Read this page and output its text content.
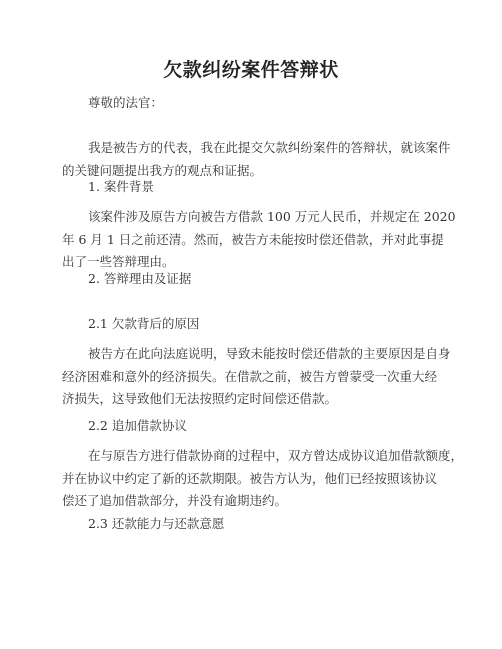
欠款纠纷案件答辩状

尊敬的法官：

我是被告方的代表，我在此提交欠款纠纷案件的答辩状，就该案件
的关键问题提出我方的观点和证据。

1. 案件背景

该案件涉及原告方向被告方借款 100 万元人民币，并规定在 2020
年 6 月 1 日之前还清。然而，被告方未能按时偿还借款，并对此事提
出了一些答辩理由。

2. 答辩理由及证据

2.1 欠款背后的原因

被告方在此向法庭说明，导致未能按时偿还借款的主要原因是自身
经济困难和意外的经济损失。在借款之前，被告方曾蒙受一次重大经
济损失，这导致他们无法按照约定时间偿还借款。

2.2 追加借款协议

在与原告方进行借款协商的过程中，双方曾达成协议追加借款额度，
并在协议中约定了新的还款期限。被告方认为，他们已经按照该协议
偿还了追加借款部分，并没有逾期违约。

2.3 还款能力与还款意愿
